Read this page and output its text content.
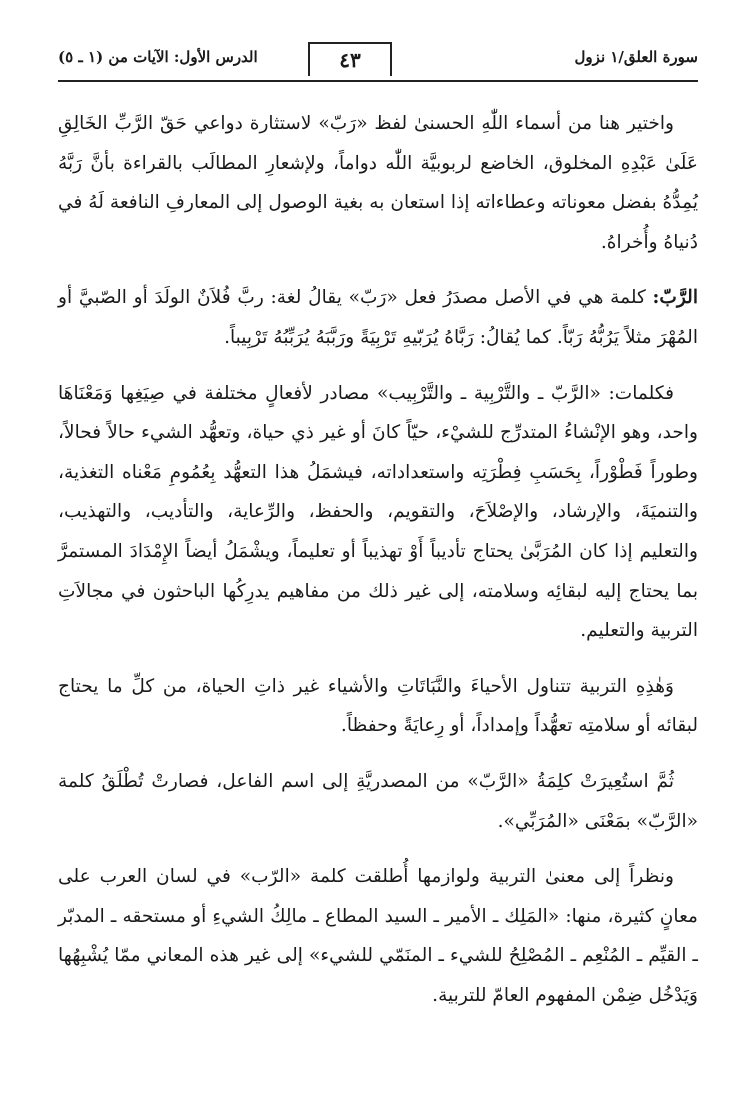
سورة العلق/١ نزول
٤٣
الدرس الأول: الآيات من (١ ـ ٥)

واختير هنا من أسماء اللّٰهِ الحسنىٰ لفظ «رَبّ» لاستثارة دواعي حَقّ الرَّبِّ الخَالِقِ عَلَىٰ عَبْدِهِ المخلوق، الخاضع لربوبيَّة اللّٰه دواماً، ولإشعارِ المطالَب بالقراءة بأنَّ رَبَّهُ يُمِدُّهُ بفضل معوناته وعطاءاته إذا استعان به بغية الوصول إلى المعارفِ النافعة لَهُ في دُنياهُ وأُخراهُ.

الرَّبّ: كلمة هي في الأصل مصدَرُ فعل «رَبّ» يقالُ لغة: ربَّ فُلاَنٌ الولَدَ أو الصّبيَّ أو المُهْرَ مثلاً يَرُبُّهُ رَبّاً. كما يُقالُ: رَبَّاهُ يُرَبّيهِ تَرْبِيَةً ورَبَّبَهُ يُرَبِّبُهُ تَرْبِيباً.

فكلمات: «الرَّبّ ـ والتَّرْبِية ـ والتَّرْبِيب» مصادر لأفعالٍ مختلفة في صِيَغِها وَمَعْنَاهَا واحد، وهو الإنْشاءُ المتدرِّج للشيْء، حيّاً كانَ أو غير ذي حياة، وتعهُّد الشيء حالاً فحالاً، وطوراً فَطْوْراً، بِحَسَبِ فِطْرَتِه واستعداداته، فيشمَلُ هذا التعهُّد بِعُمُومِ مَعْناه التغذية، والتنميَةَ، والإرشاد، والإصْلاَحَ، والتقويم، والحفظ، والرِّعاية، والتأديب، والتهذيب، والتعليم إذا كان المُرَبَّىٰ يحتاج تأديباً أَوْ تهذيباً أو تعليماً، ويشْمَلُ أيضاً الإِمْدَادَ المستمرَّ بما يحتاج إليه لبقائِه وسلامته، إلى غير ذلك من مفاهيم يدرِكُها الباحثون في مجالاَتِ التربية والتعليم.

وَهٰذِهِ التربية تتناول الأحياءَ والنَّبَاتَاتِ والأشياء غير ذاتِ الحياة، من كلِّ ما يحتاج لبقائه أو سلامتِه تعهُّداً وإمداداً، أو رِعايَةً وحفظاً.

ثُمَّ استُعِيرَتْ كلِمَةُ «الرَّبّ» من المصدريَّةِ إلى اسم الفاعل، فصارتْ تُطْلَقُ كلمة «الرَّبّ» بمَعْنَى «المُرَبِّي».

ونظراً إلى معنىٰ التربية ولوازمها أُطلقت كلمة «الرّب» في لسان العرب على معانٍ كثيرة، منها: «المَلِك ـ الأمير ـ السيد المطاع ـ مالِكُ الشيءِ أو مستحقه ـ المدبّر ـ القيِّم ـ المُنْعِم ـ المُصْلِحُ للشيء ـ المنَمّي للشيء» إلى غير هذه المعاني ممّا يُشْبِهُها وَيَدْخُل ضِمْن المفهوم العامّ للتربية.
